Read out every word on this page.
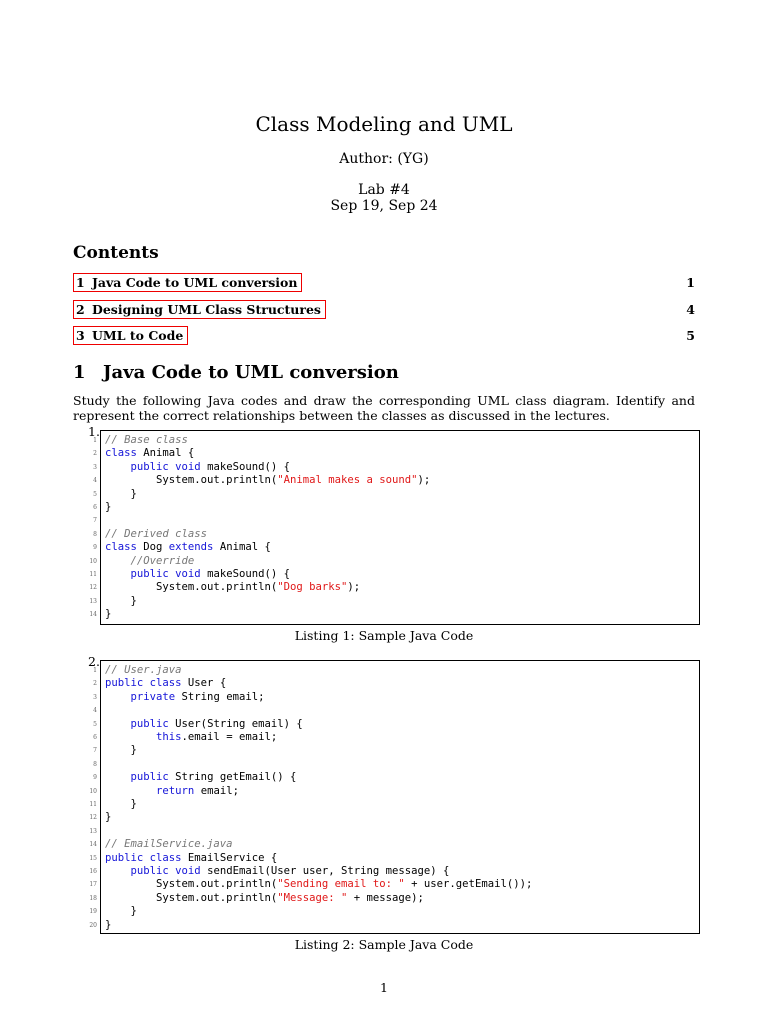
Class Modeling and UML
Author: (YG)
Lab #4
Sep 19, Sep 24
Contents
1 Java Code to UML conversion	1
2 Designing UML Class Structures	4
3 UML to Code	5
1 Java Code to UML conversion
Study the following Java codes and draw the corresponding UML class diagram. Identify and represent the correct relationships between the classes as discussed in the lectures.
1.
1 // Base class
2 class Animal {
3	public void makeSound() {
4 System.out.println("Animal makes a sound");
5 }
6 }
7
8 // Derived class
9 class Dog extends Animal {
10	//Override
11	public void makeSound() {
12 System.out.println("Dog barks");
13 }
14 }
Listing 1: Sample Java Code
2.
1 // User.java
2 public class User {
3	private String email;
4
5	public User(String email) {
6	this.email = email;
7 }
8
9	public String getEmail() {
10	return email;
11 }
12 }
13
14 // EmailService.java
15 public class EmailService {
16	public void sendEmail(User user, String message) {
17 System.out.println("Sending email to: " + user.getEmail());
18 System.out.println("Message: " + message);
19 }
20 }
Listing 2: Sample Java Code
1
